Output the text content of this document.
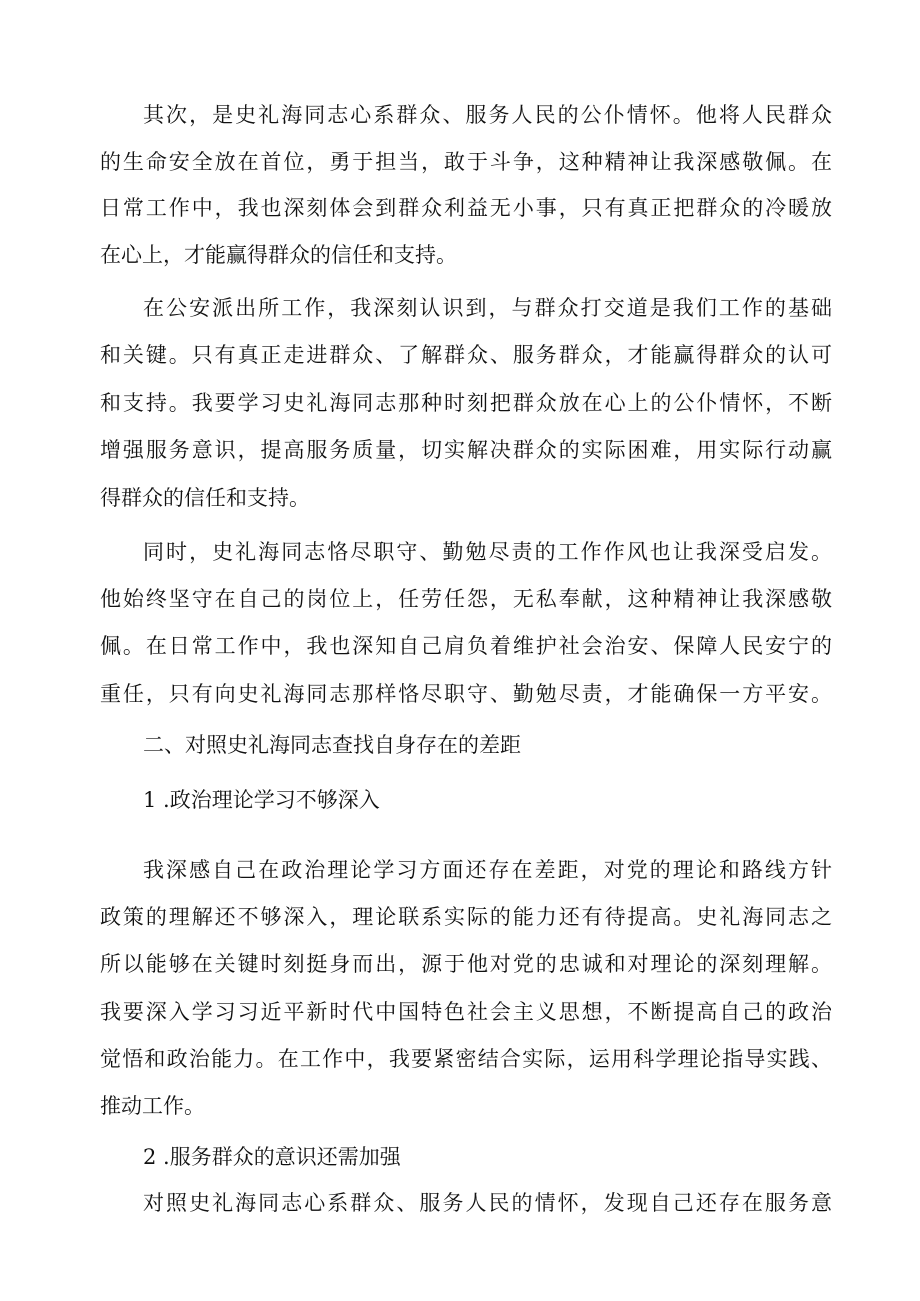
其次，是史礼海同志心系群众、服务人民的公仆情怀。他将人民群众
的生命安全放在首位，勇于担当，敢于斗争，这种精神让我深感敬佩。在
日常工作中，我也深刻体会到群众利益无小事，只有真正把群众的冷暖放
在心上，才能赢得群众的信任和支持。
在公安派出所工作，我深刻认识到，与群众打交道是我们工作的基础
和关键。只有真正走进群众、了解群众、服务群众，才能赢得群众的认可
和支持。我要学习史礼海同志那种时刻把群众放在心上的公仆情怀，不断
增强服务意识，提高服务质量，切实解决群众的实际困难，用实际行动赢
得群众的信任和支持。
同时，史礼海同志恪尽职守、勤勉尽责的工作作风也让我深受启发。
他始终坚守在自己的岗位上，任劳任怨，无私奉献，这种精神让我深感敬
佩。在日常工作中，我也深知自己肩负着维护社会治安、保障人民安宁的
重任，只有向史礼海同志那样恪尽职守、勤勉尽责，才能确保一方平安。
二、对照史礼海同志查找自身存在的差距
1 .政治理论学习不够深入
我深感自己在政治理论学习方面还存在差距，对党的理论和路线方针
政策的理解还不够深入，理论联系实际的能力还有待提高。史礼海同志之
所以能够在关键时刻挺身而出，源于他对党的忠诚和对理论的深刻理解。
我要深入学习习近平新时代中国特色社会主义思想，不断提高自己的政治
觉悟和政治能力。在工作中，我要紧密结合实际，运用科学理论指导实践、
推动工作。
2 .服务群众的意识还需加强
对照史礼海同志心系群众、服务人民的情怀，发现自己还存在服务意
